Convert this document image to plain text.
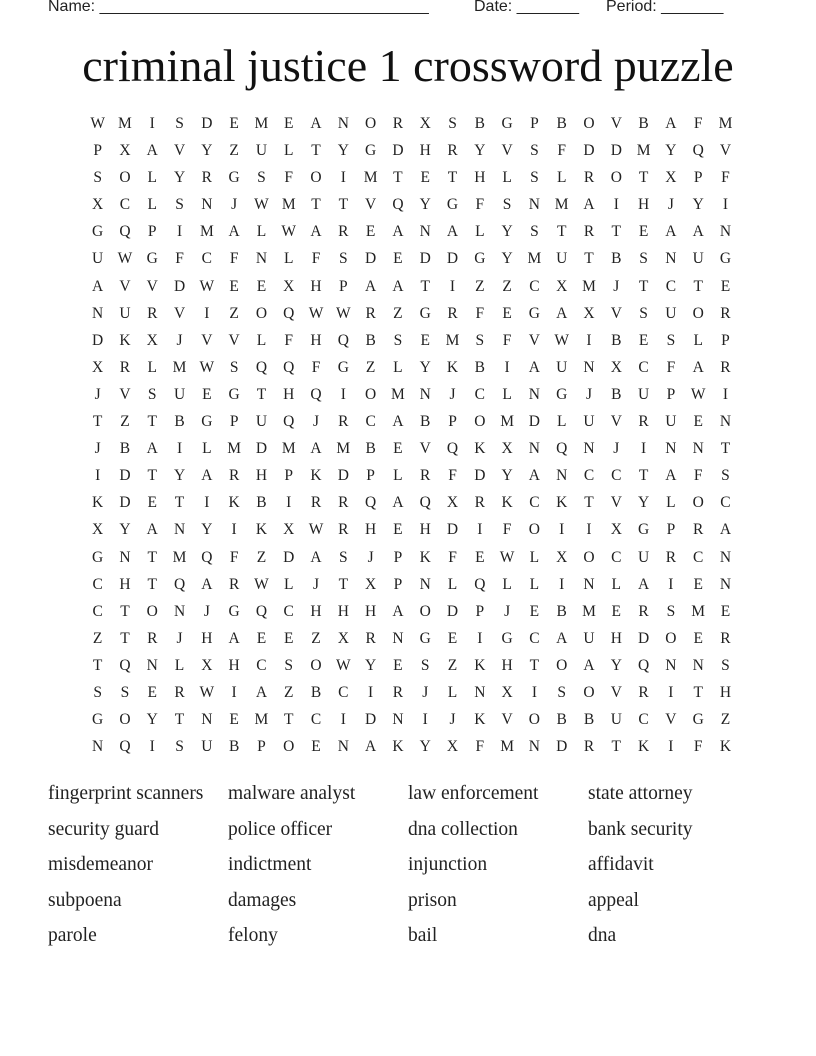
Name: _____________________________________	Date: _______ Period: _______
criminal justice 1 crossword puzzle
W M	I	S	D	E	M	E	A	N	O	R	X	S	B	G	P	B	O	V	B	A	F	M
P	X	A	V	Y	Z	U	L	T	Y	G	D	H	R	Y	V	S	F	D	D M Y	Q	V
S	O	L	Y	R	G	S	F	O	I	M	T	E	T	H	L	S	L	R	O	T	X	P	F
X	C	L	S	N	J	W M	T	T	V	Q	Y	G	F	S	N M A	I	H	J	Y	I
G	Q	P	I	M A	L W A	R	E	A	N	A	L	Y	S	T	R	T	E	A	A	N
U W G	F	C	F	N	L	F	S	D	E	D	D	G	Y M U	T	B	S	N	U	G
A	V	V	D W E	E	X	H	P	A	A	T	I	Z	Z	C	X M	J	T	C	T	E
N	U	R	V	I	Z	O	Q W W R	Z	G	R	F	E	G	A	X	V	S	U	O	R
D	K	X	J	V	V	L	F	H	Q	B	S	E	M	S	F	V W	I	B	E	S	L	P
X	R	L	M W	S	Q	Q	F	G	Z	L	Y	K	B	I	A	U	N	X	C	F	A	R
J	V	S	U	E	G	T	H	Q	I	O M N	J	C	L	N	G	J	B	U	P	W	I
T	Z	T	B	G	P	U	Q	J	R	C	A	B	P	O M D	L	U	V	R	U	E	N
J	B	A	I	L	M D M A M B	E	V	Q	K	X	N	Q	N	J	I	N	N	T
I	D	T	Y	A	R	H	P	K	D	P	L	R	F	D	Y	A	N	C	C	T	A	F	S
K	D	E	T	I	K	B	I	R	R	Q	A	Q	X	R	K	C	K	T	V	Y	L	O	C
X	Y	A	N	Y	I	K	X W R	H	E	H	D	I	F	O	I	I	X	G	P	R	A
G	N	T	M Q	F	Z	D	A	S	J	P	K	F	E W L	X	O	C	U	R	C	N
C	H	T	Q	A	R W L	J	T	X	P	N	L	Q	L	L	I	N	L	A	I	E	N
C	T	O	N	J	G	Q	C	H	H	H	A	O	D	P	J	E	B M	E	R	S	M	E
Z	T	R	J	H	A	E	E	Z	X	R	N	G	E	I	G	C	A	U	H	D	O	E	R
T	Q	N	L	X	H	C	S	O W Y	E	S	Z	K	H	T	O	A	Y	Q	N	N	S
S	S	E	R W	I	A	Z	B	C	I	R	J	L	N	X	I	S	O	V	R	I	T	H
G	O	Y	T	N	E	M	T	C	I	D	N	I	J	K	V	O	B	B	U	C	V	G	Z
N	Q	I	S	U	B	P	O	E	N	A	K	Y	X	F	M N	D	R	T	K	I	F	K
fingerprint scanners	malware analyst	law enforcement	state attorney
security guard	police officer	dna collection	bank security
misdemeanor	indictment	injunction	affidavit
subpoena	damages	prison	appeal
parole	felony	bail	dna
